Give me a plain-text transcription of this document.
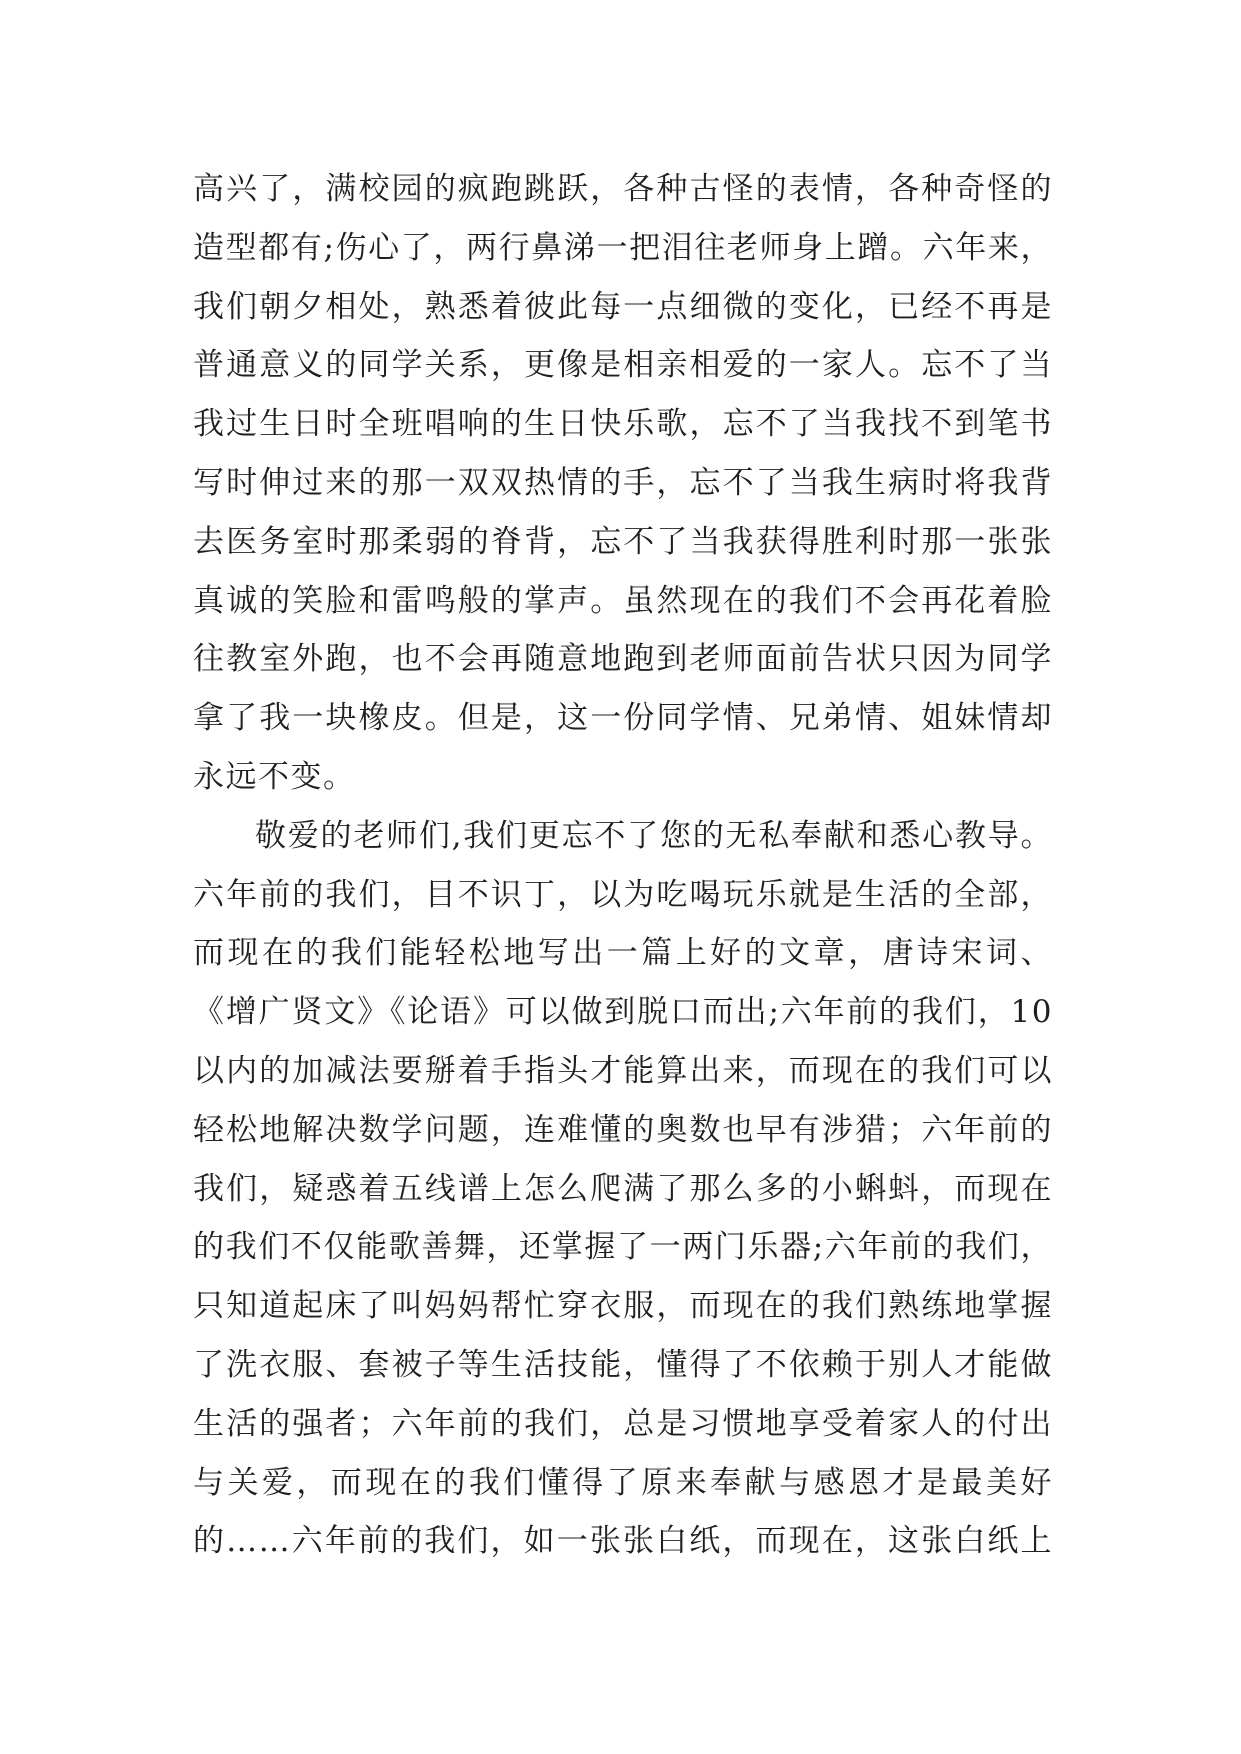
高兴了，满校园的疯跑跳跃，各种古怪的表情，各种奇怪的
造型都有;伤心了，两行鼻涕一把泪往老师身上蹭。六年来，
我们朝夕相处，熟悉着彼此每一点细微的变化，已经不再是
普通意义的同学关系，更像是相亲相爱的一家人。忘不了当
我过生日时全班唱响的生日快乐歌，忘不了当我找不到笔书
写时伸过来的那一双双热情的手，忘不了当我生病时将我背
去医务室时那柔弱的脊背，忘不了当我获得胜利时那一张张
真诚的笑脸和雷鸣般的掌声。虽然现在的我们不会再花着脸
往教室外跑，也不会再随意地跑到老师面前告状只因为同学
拿了我一块橡皮。但是，这一份同学情、兄弟情、姐妹情却
永远不变。
敬爱的老师们,我们更忘不了您的无私奉献和悉心教导。
六年前的我们，目不识丁，以为吃喝玩乐就是生活的全部，
而现在的我们能轻松地写出一篇上好的文章，唐诗宋词、
《增广贤文》《论语》可以做到脱口而出;六年前的我们，10
以内的加减法要掰着手指头才能算出来，而现在的我们可以
轻松地解决数学问题，连难懂的奥数也早有涉猎；六年前的
我们，疑惑着五线谱上怎么爬满了那么多的小蝌蚪，而现在
的我们不仅能歌善舞，还掌握了一两门乐器;六年前的我们，
只知道起床了叫妈妈帮忙穿衣服，而现在的我们熟练地掌握
了洗衣服、套被子等生活技能，懂得了不依赖于别人才能做
生活的强者；六年前的我们，总是习惯地享受着家人的付出
与关爱，而现在的我们懂得了原来奉献与感恩才是最美好
的……六年前的我们，如一张张白纸，而现在，这张白纸上
